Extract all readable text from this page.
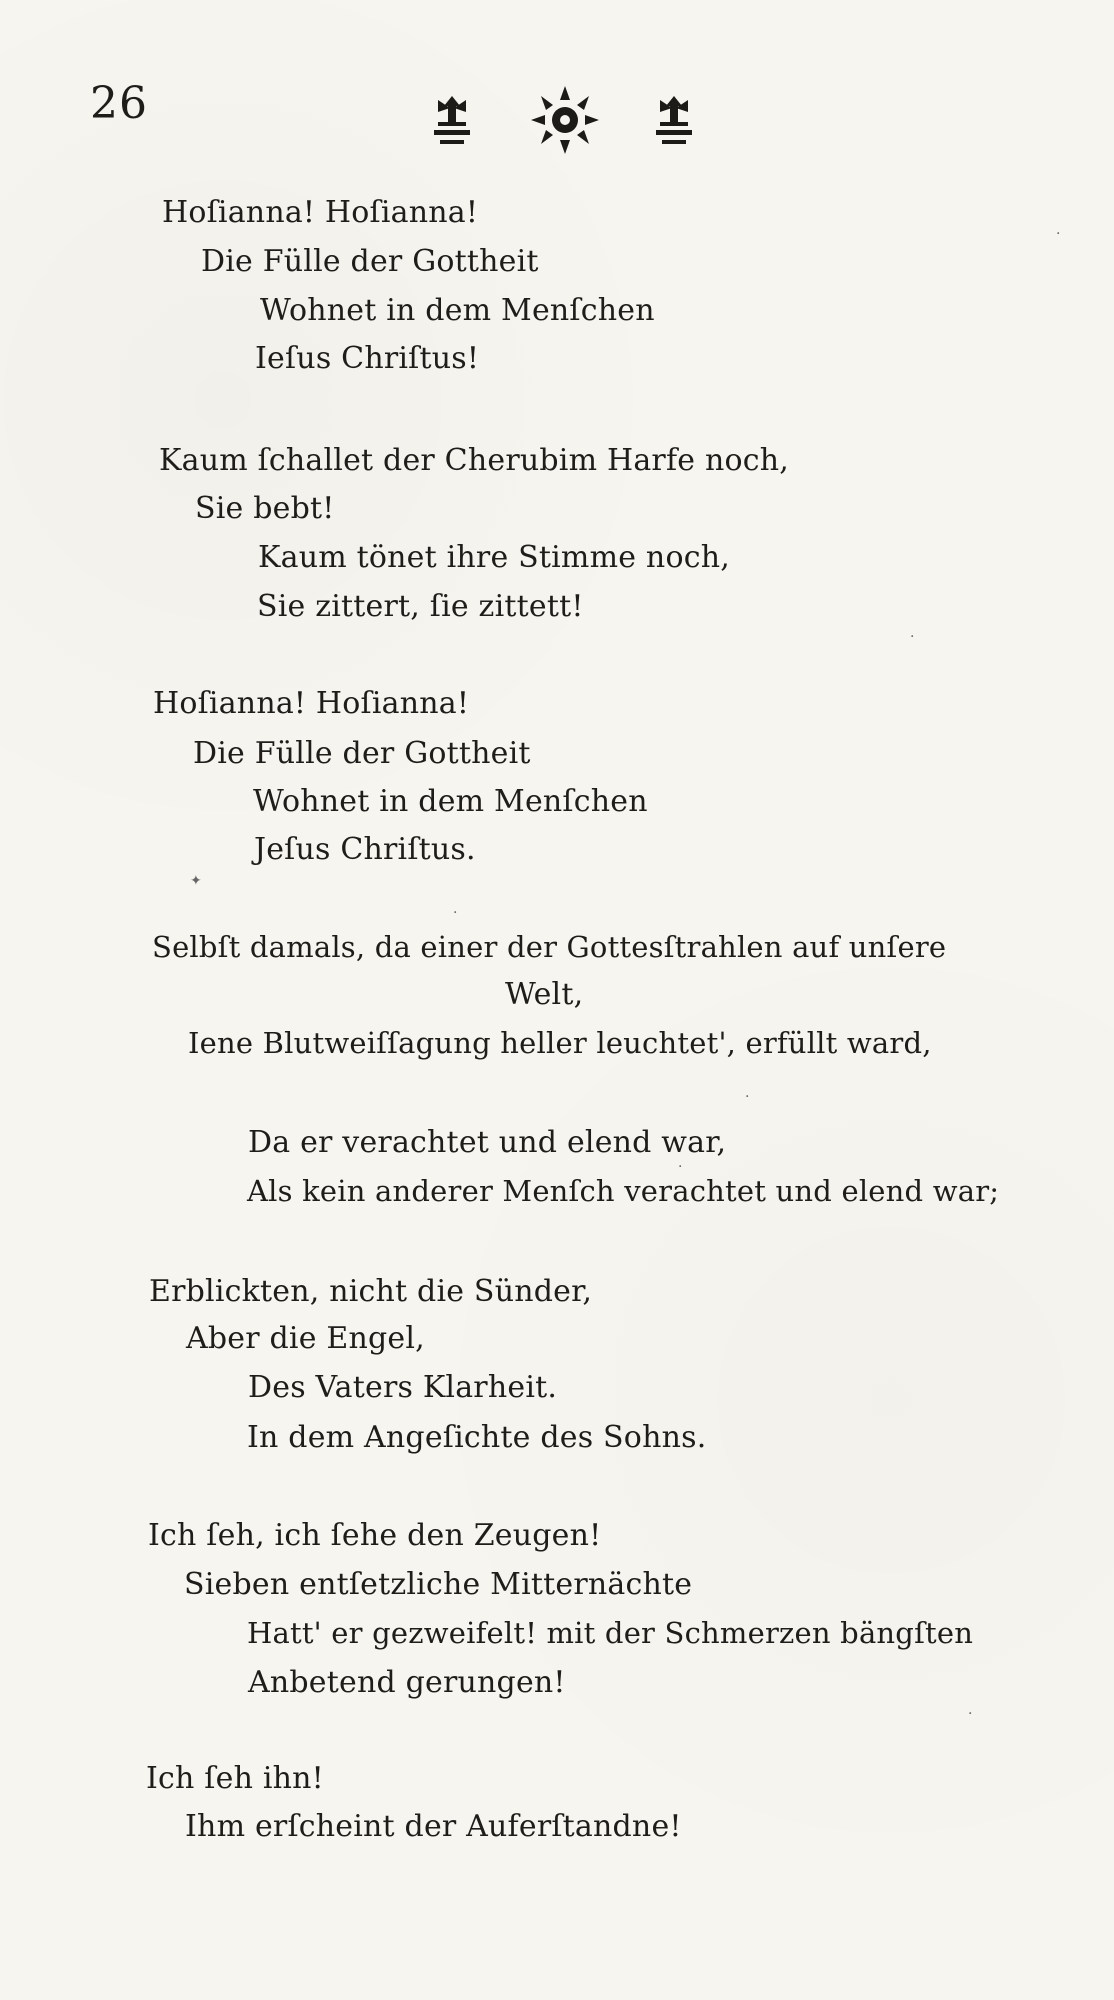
26
Hoſianna! Hoſianna!
Die Fülle der Gottheit
Wohnet in dem Menſchen
Ieſus Chriſtus!
Kaum ſchallet der Cherubim Harfe noch,
Sie bebt!
Kaum tönet ihre Stimme noch,
Sie zittert, ſie zittett!
Hoſianna! Hoſianna!
Die Fülle der Gottheit
Wohnet in dem Menſchen
Jeſus Chriſtus.
Selbſt damals, da einer der Gottesſtrahlen auf unſere
Welt,
Iene Blutweiſſagung heller leuchtet', erfüllt ward,
Da er verachtet und elend war,
Als kein anderer Menſch verachtet und elend war;
Erblickten, nicht die Sünder,
Aber die Engel,
Des Vaters Klarheit.
In dem Angeſichte des Sohns.
Ich ſeh, ich ſehe den Zeugen!
Sieben entſetzliche Mitternächte
Hatt' er gezweifelt! mit der Schmerzen bängſten
Anbetend gerungen!
Ich ſeh ihn!
Ihm erſcheint der Auferſtandne!
✦
·
·
·
·
·
·
